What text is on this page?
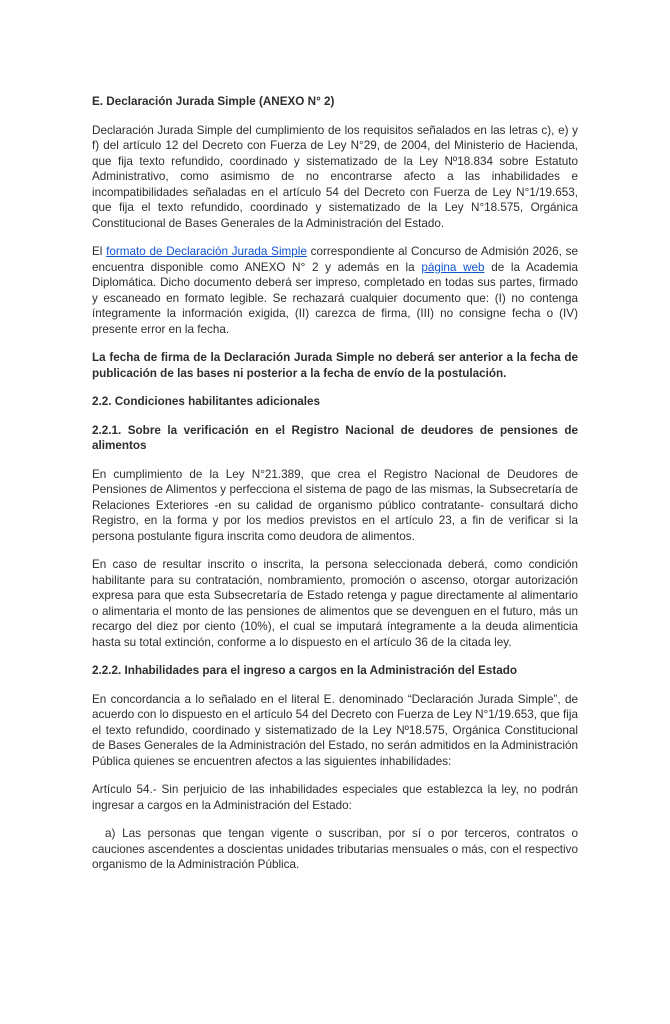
E. Declaración Jurada Simple (ANEXO N° 2)

Declaración Jurada Simple del cumplimiento de los requisitos señalados en las letras c), e) y f) del artículo 12 del Decreto con Fuerza de Ley N°29, de 2004, del Ministerio de Hacienda, que fija texto refundido, coordinado y sistematizado de la Ley Nº18.834 sobre Estatuto Administrativo, como asimismo de no encontrarse afecto a las inhabilidades e incompatibilidades señaladas en el artículo 54 del Decreto con Fuerza de Ley N°1/19.653, que fija el texto refundido, coordinado y sistematizado de la Ley N°18.575, Orgánica Constitucional de Bases Generales de la Administración del Estado.

El formato de Declaración Jurada Simple correspondiente al Concurso de Admisión 2026, se encuentra disponible como ANEXO N° 2 y además en la página web de la Academia Diplomática. Dicho documento deberá ser impreso, completado en todas sus partes, firmado y escaneado en formato legible. Se rechazará cualquier documento que: (I) no contenga íntegramente la información exigida, (II) carezca de firma, (III) no consigne fecha o (IV) presente error en la fecha.

La fecha de firma de la Declaración Jurada Simple no deberá ser anterior a la fecha de publicación de las bases ni posterior a la fecha de envío de la postulación.

2.2. Condiciones habilitantes adicionales

2.2.1. Sobre la verificación en el Registro Nacional de deudores de pensiones de alimentos

En cumplimiento de la Ley N°21.389, que crea el Registro Nacional de Deudores de Pensiones de Alimentos y perfecciona el sistema de pago de las mismas, la Subsecretaría de Relaciones Exteriores -en su calidad de organismo público contratante- consultará dicho Registro, en la forma y por los medios previstos en el artículo 23, a fin de verificar si la persona postulante figura inscrita como deudora de alimentos.

En caso de resultar inscrito o inscrita, la persona seleccionada deberá, como condición habilitante para su contratación, nombramiento, promoción o ascenso, otorgar autorización expresa para que esta Subsecretaría de Estado retenga y pague directamente al alimentario o alimentaria el monto de las pensiones de alimentos que se devenguen en el futuro, más un recargo del diez por ciento (10%), el cual se imputará íntegramente a la deuda alimenticia hasta su total extinción, conforme a lo dispuesto en el artículo 36 de la citada ley.

2.2.2. Inhabilidades para el ingreso a cargos en la Administración del Estado

En concordancia a lo señalado en el literal E. denominado “Declaración Jurada Simple”, de acuerdo con lo dispuesto en el artículo 54 del Decreto con Fuerza de Ley N°1/19.653, que fija el texto refundido, coordinado y sistematizado de la Ley Nº18.575, Orgánica Constitucional de Bases Generales de la Administración del Estado, no serán admitidos en la Administración Pública quienes se encuentren afectos a las siguientes inhabilidades:

Artículo 54.- Sin perjuicio de las inhabilidades especiales que establezca la ley, no podrán ingresar a cargos en la Administración del Estado:

a) Las personas que tengan vigente o suscriban, por sí o por terceros, contratos o cauciones ascendentes a doscientas unidades tributarias mensuales o más, con el respectivo organismo de la Administración Pública.
